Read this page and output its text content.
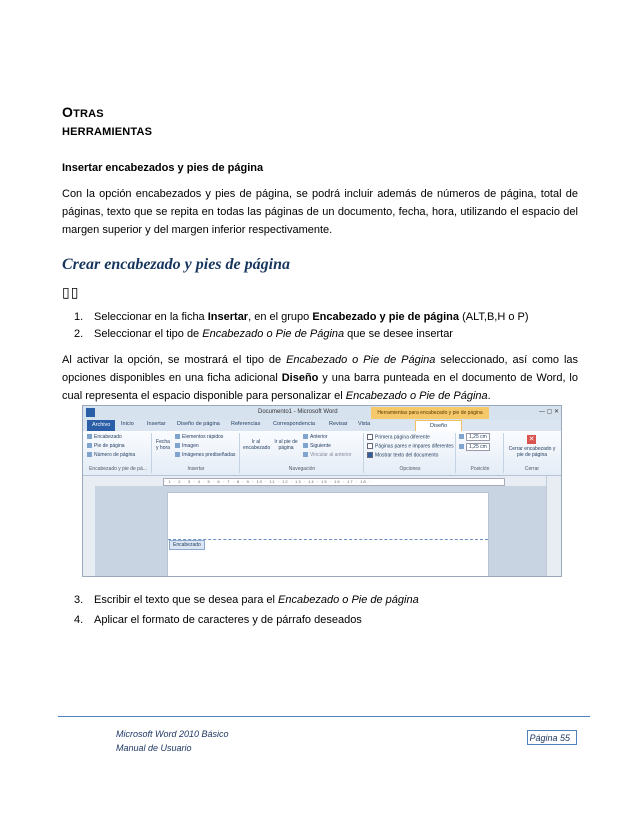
OTRAS
HERRAMIENTAS
Insertar encabezados y pies de página
Con la opción encabezados y pies de página, se podrá incluir además de números de página, total de páginas, texto que se repita en todas las páginas de un documento, fecha, hora, utilizando el espacio del margen superior y del margen inferior respectivamente.
Crear encabezado y pies de página
▯▯
1. Seleccionar en la ficha Insertar, en el grupo Encabezado y pie de página (ALT,B,H o P)
2. Seleccionar el tipo de Encabezado o Pie de Página que se desee insertar
Al activar la opción, se mostrará el tipo de Encabezado o Pie de Página seleccionado, así como las opciones disponibles en una ficha adicional Diseño y una barra punteada en el documento de Word, lo cual representa el espacio disponible para personalizar el Encabezado o Pie de Página.
Documento1 - Microsoft Word	Herramientas para encabezado y pie de página	— ▢ ✕
Archivo	Inicio Insertar Diseño de página Referencias Correspondencia	Revisar Vista	Diseño
Encabezado
Pie de página
Número de página
Encabezado y pie de pá...
Fecha y hora
Elementos rápidos
Imagen
Imágenes prediseñadas
Insertar
Ir al encabezado
Ir al pie de página
Anterior
Siguiente
Vincular al anterior
Navegación
Primera página diferente
Páginas pares e impares diferentes
Mostrar texto del documento
Opciones
1,25 cm
1,25 cm
Posición
✕
Cerrar encabezado y pie de página
Cerrar
· 1 · 2 · 3 · 4 · 5 · 6 · 7 · 8 · 9 · 10 · 11 · 12 · 13 · 14 · 15 · 16 · 17 · 18 ·
Encabezado
3. Escribir el texto que se desea para el Encabezado o Pie de página
4. Aplicar el formato de caracteres y de párrafo deseados
Microsoft Word 2010 Básico
Manual de Usuario
Página 55
